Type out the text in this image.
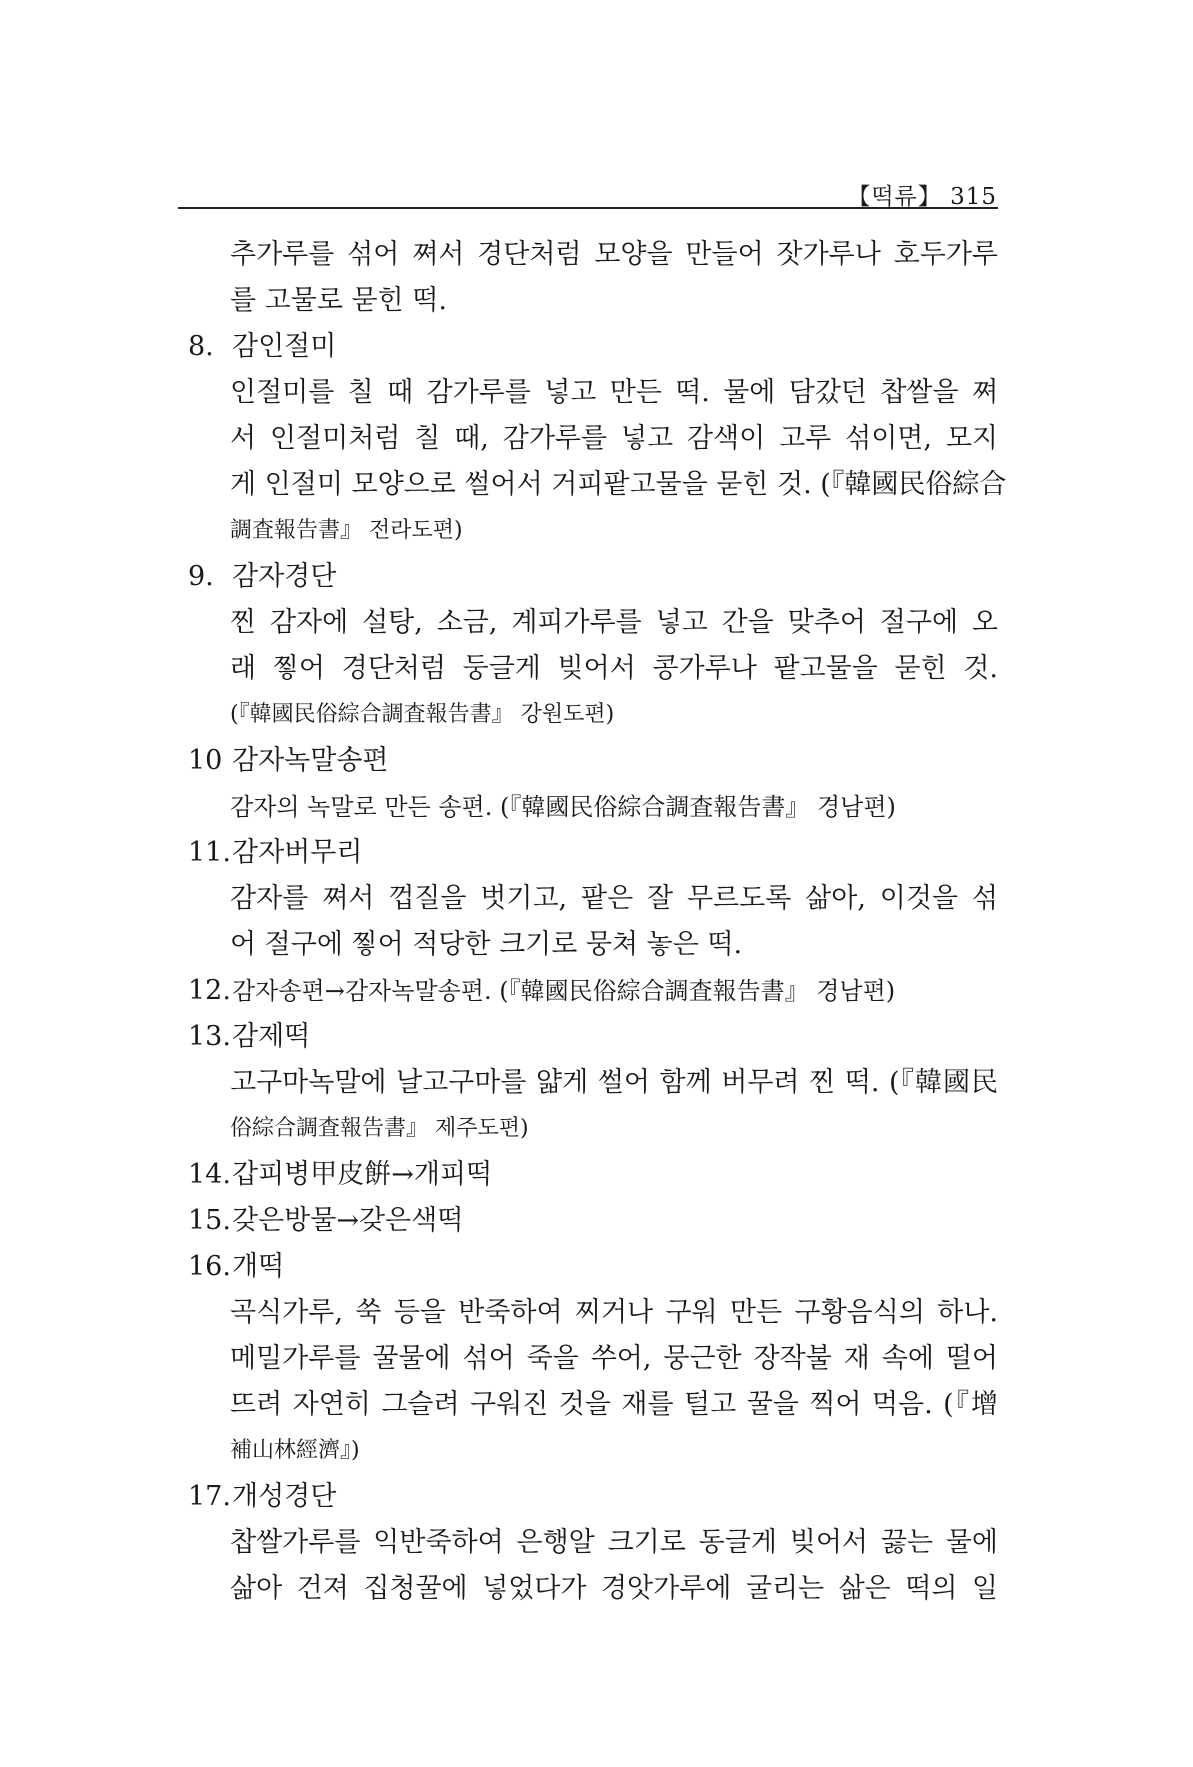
【떡류】 315
추가루를 섞어 쪄서 경단처럼 모양을 만들어 잣가루나 호두가루
를 고물로 묻힌 떡.
8. 감인절미
인절미를 칠 때 감가루를 넣고 만든 떡. 물에 담갔던 찹쌀을 쪄
서 인절미처럼 칠 때, 감가루를 넣고 감색이 고루 섞이면, 모지
게 인절미 모양으로 썰어서 거피팥고물을 묻힌 것. (『韓國民俗綜合
調査報告書』 전라도편)
9. 감자경단
찐 감자에 설탕, 소금, 계피가루를 넣고 간을 맞추어 절구에 오
래 찧어 경단처럼 둥글게 빚어서 콩가루나 팥고물을 묻힌 것.
(『韓國民俗綜合調査報告書』 강원도편)
10 감자녹말송편
감자의 녹말로 만든 송편. (『韓國民俗綜合調査報告書』 경남편)
11.감자버무리
감자를 쪄서 껍질을 벗기고, 팥은 잘 무르도록 삶아, 이것을 섞
어 절구에 찧어 적당한 크기로 뭉쳐 놓은 떡.
12.감자송편→감자녹말송편. (『韓國民俗綜合調査報告書』 경남편)
13.감제떡
고구마녹말에 날고구마를 얇게 썰어 함께 버무려 찐 떡. (『韓國民
俗綜合調査報告書』 제주도편)
14.갑피병甲皮餠→개피떡
15.갖은방물→갖은색떡
16.개떡
곡식가루, 쑥 등을 반죽하여 찌거나 구워 만든 구황음식의 하나.
메밀가루를 꿀물에 섞어 죽을 쑤어, 뭉근한 장작불 재 속에 떨어
뜨려 자연히 그슬려 구워진 것을 재를 털고 꿀을 찍어 먹음. (『增
補山林經濟』)
17.개성경단
찹쌀가루를 익반죽하여 은행알 크기로 동글게 빚어서 끓는 물에
삶아 건져 집청꿀에 넣었다가 경앗가루에 굴리는 삶은 떡의 일
